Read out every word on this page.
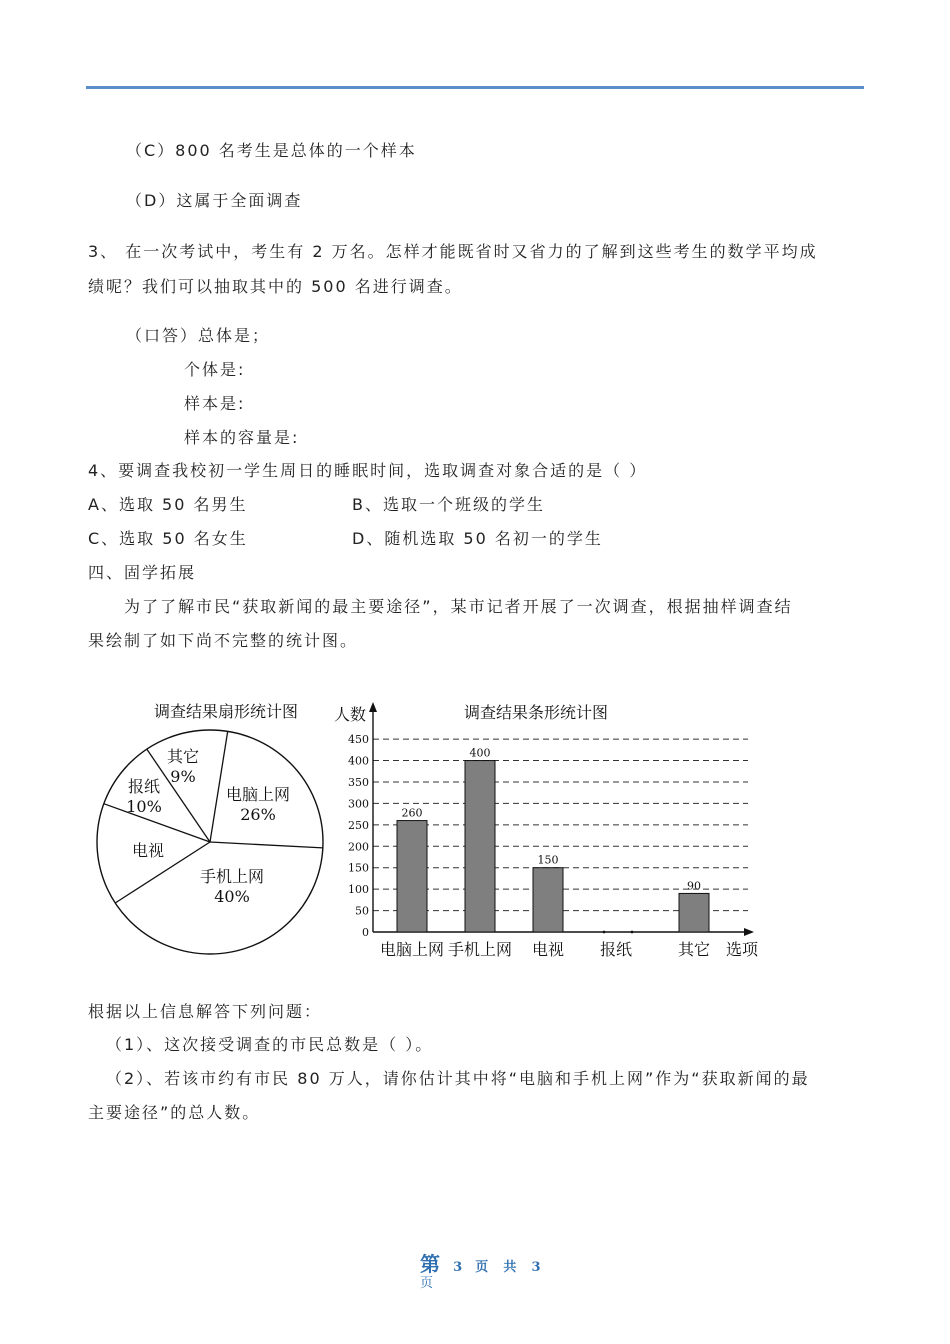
（C）800 名考生是总体的一个样本
（D）这属于全面调查
3、 在一次考试中，考生有 2 万名。怎样才能既省时又省力的了解到这些考生的数学平均成
绩呢？我们可以抽取其中的 500 名进行调查。
（口答）总体是；
个体是:
样本是:
样本的容量是:
4、要调查我校初一学生周日的睡眠时间，选取调查对象合适的是（ ）
A、选取 50 名男生	B、选取一个班级的学生
C、选取 50 名女生	D、随机选取 50 名初一的学生
四、固学拓展
为了了解市民“获取新闻的最主要途径”，某市记者开展了一次调查，根据抽样调查结
果绘制了如下尚不完整的统计图。
调查结果扇形统计图
电脑上网
26%
手机上网
40%
电视
报纸
10%
其它
9%
调查结果条形统计图
人数
选项
0
50
100
150
200
250
300
350
400
450
260
电脑上网
400
手机上网
150
电视 报纸
90
其它
根据以上信息解答下列问题：
（1）、这次接受调查的市民总数是（ ）。
（2）、若该市约有市民 80 万人，请你估计其中将“电脑和手机上网”作为“获取新闻的最
主要途径”的总人数。
第 3 页 共 3
页
